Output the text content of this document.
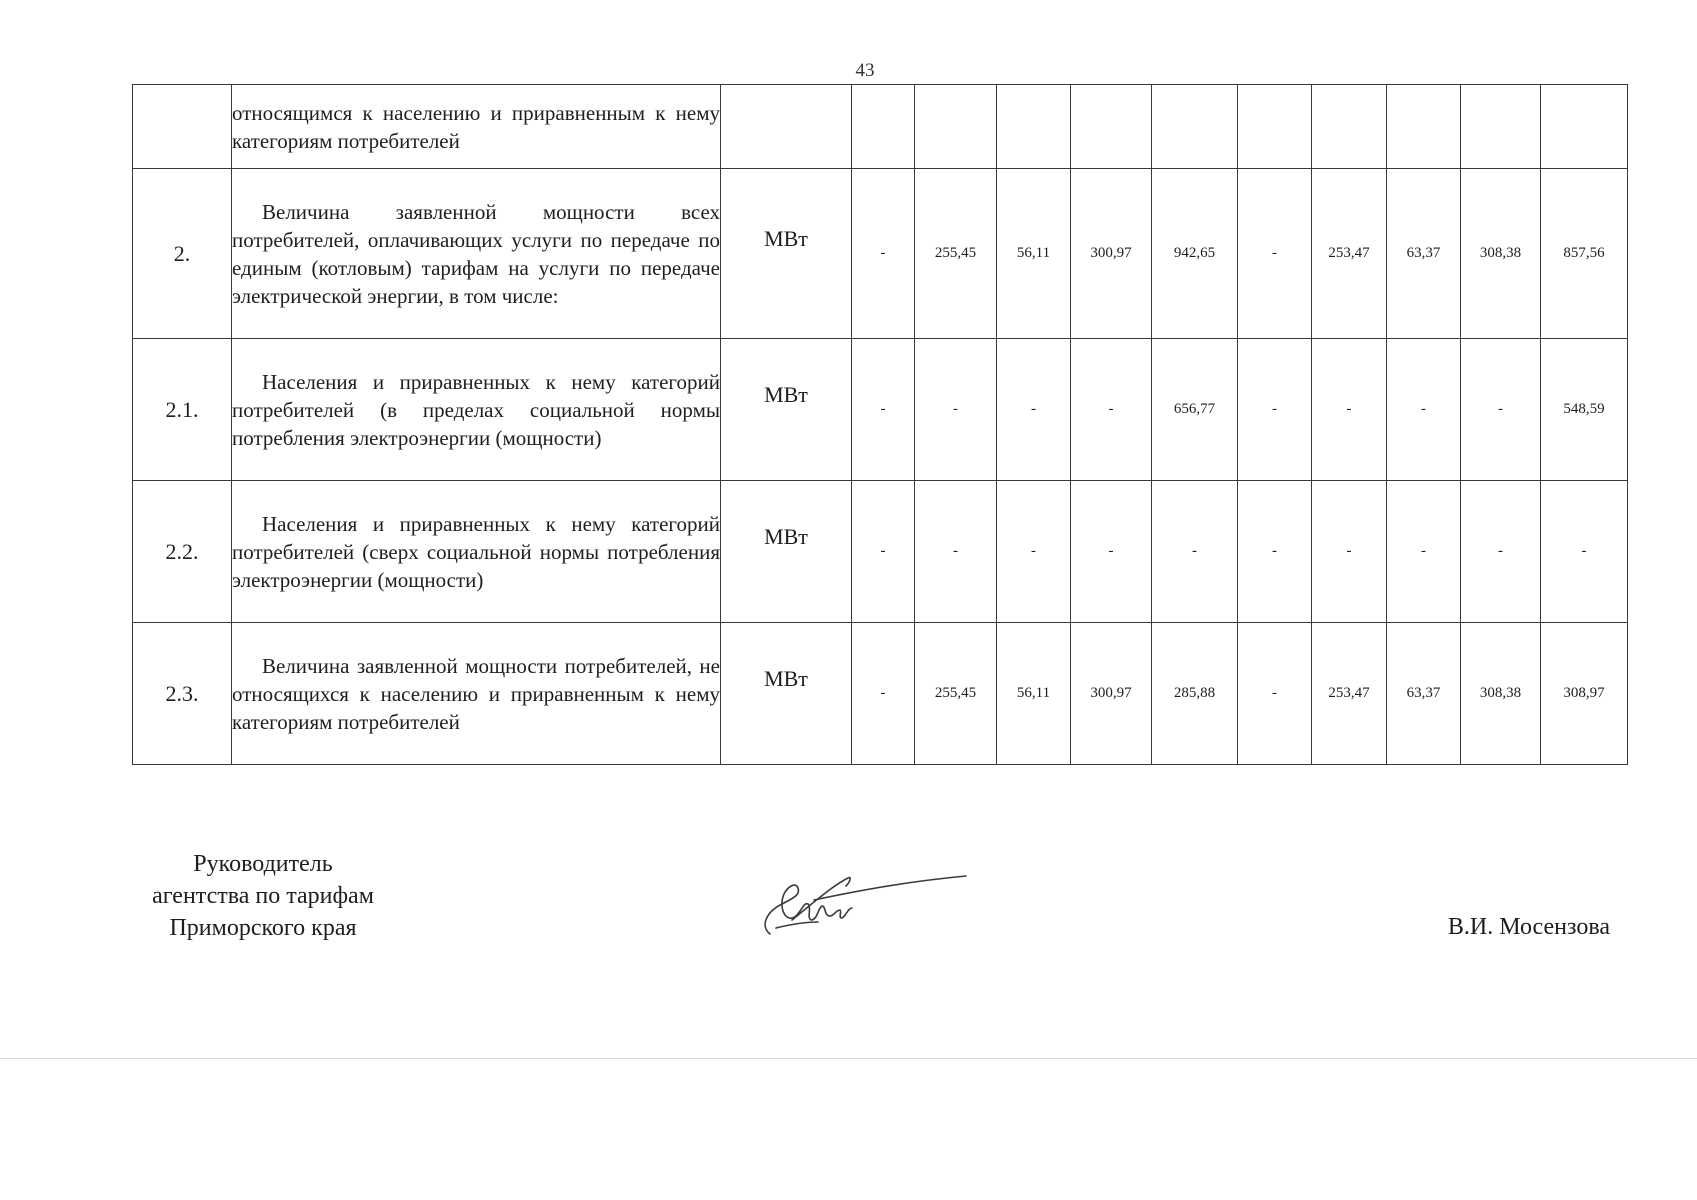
43
	относящимся к населению и приравненным к нему категориям потребителей											
2.	Величина заявленной мощности всех потребителей, оплачивающих услуги по передаче по единым (котловым) тарифам на услуги по передаче электрической энергии, в том числе:	МВт	-	255,45	56,11	300,97	942,65	-	253,47	63,37	308,38	857,56
2.1.	Населения и приравненных к нему категорий потребителей (в пределах социальной нормы потребления электроэнергии (мощности)	МВт	-	-	-	-	656,77	-	-	-	-	548,59
2.2.	Населения и приравненных к нему категорий потребителей (сверх социальной нормы потребления электроэнергии (мощности)	МВт	-	-	-	-	-	-	-	-	-	-
2.3.	Величина заявленной мощности потребителей, не относящихся к населению и приравненным к нему категориям потребителей	МВт	-	255,45	56,11	300,97	285,88	-	253,47	63,37	308,38	308,97
Руководитель
агентства по тарифам
Приморского края	В.И. Мосензова
